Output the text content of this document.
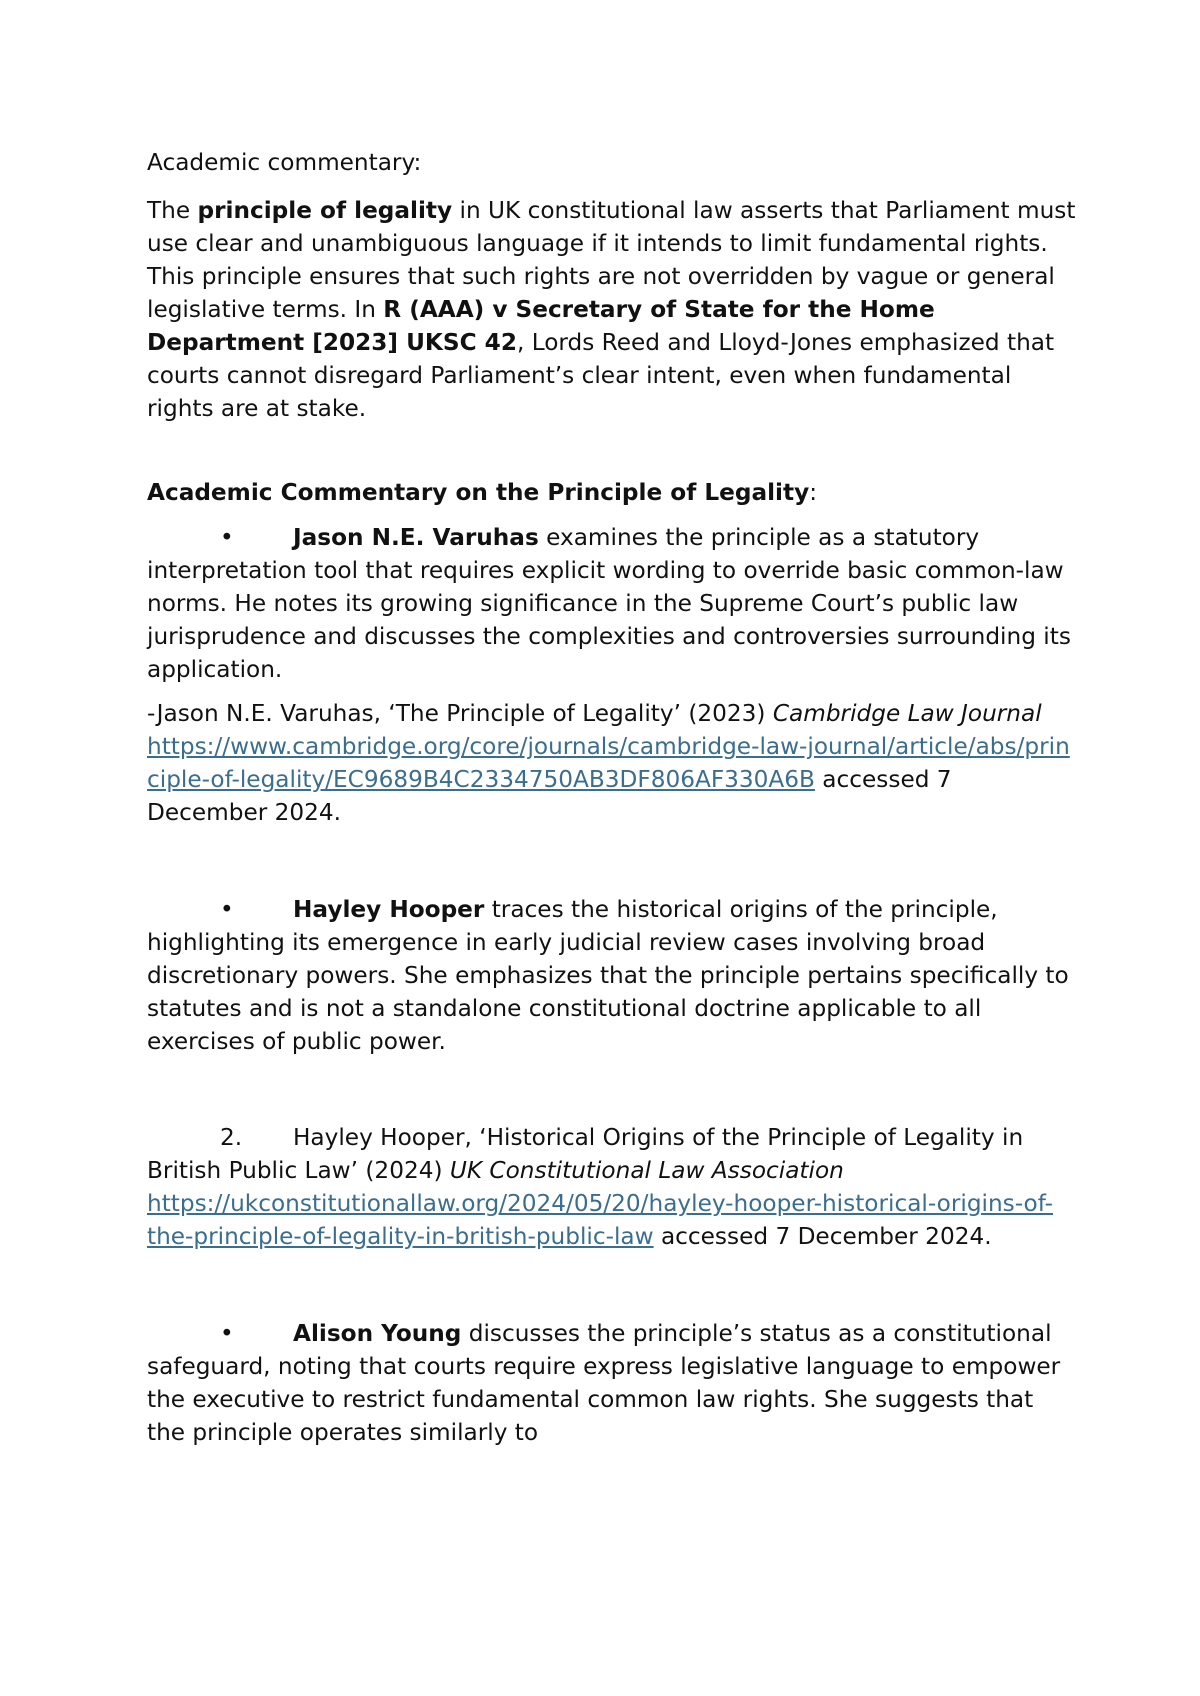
Academic commentary:

The principle of legality in UK constitutional law asserts that Parliament must use clear and unambiguous language if it intends to limit fundamental rights. This principle ensures that such rights are not overridden by vague or general legislative terms. In R (AAA) v Secretary of State for the Home Department [2023] UKSC 42, Lords Reed and Lloyd-Jones emphasized that courts cannot disregard Parliament’s clear intent, even when fundamental rights are at stake.

Academic Commentary on the Principle of Legality:

•	Jason N.E. Varuhas examines the principle as a statutory interpretation tool that requires explicit wording to override basic common-law norms. He notes its growing significance in the Supreme Court’s public law jurisprudence and discusses the complexities and controversies surrounding its application.

-Jason N.E. Varuhas, ‘The Principle of Legality’ (2023) Cambridge Law Journal
https://www.cambridge.org/core/journals/cambridge-law-journal/article/abs/principle-of-legality/EC9689B4C2334750AB3DF806AF330A6B accessed 7 December 2024.

•	Hayley Hooper traces the historical origins of the principle, highlighting its emergence in early judicial review cases involving broad discretionary powers. She emphasizes that the principle pertains specifically to statutes and is not a standalone constitutional doctrine applicable to all exercises of public power.

2. Hayley Hooper, ‘Historical Origins of the Principle of Legality in British Public Law’ (2024) UK Constitutional Law Association https://ukconstitutionallaw.org/2024/05/20/hayley-hooper-historical-origins-of-the-principle-of-legality-in-british-public-law accessed 7 December 2024.

•	Alison Young discusses the principle’s status as a constitutional safeguard, noting that courts require express legislative language to empower the executive to restrict fundamental common law rights. She suggests that the principle operates similarly to
